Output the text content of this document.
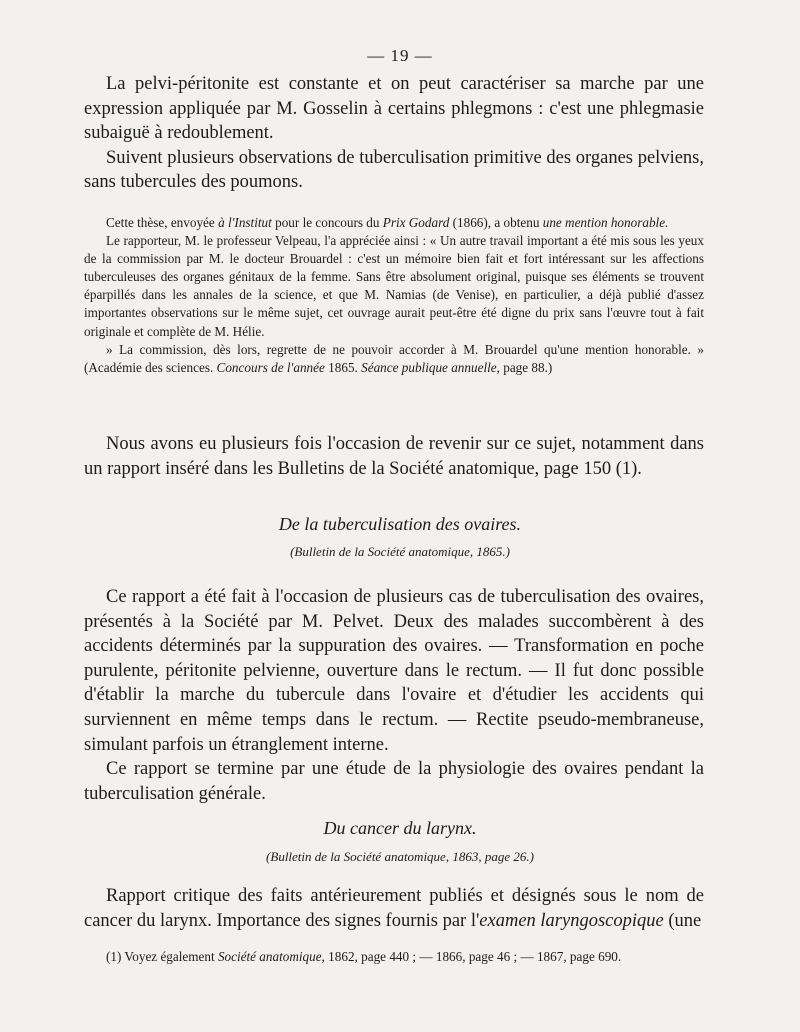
— 19 —

La pelvi-péritonite est constante et on peut caractériser sa marche par une expression appliquée par M. Gosselin à certains phlegmons : c'est une phlegmasie subaiguë à redoublement.

Suivent plusieurs observations de tuberculisation primitive des organes pelviens, sans tubercules des poumons.

Cette thèse, envoyée à l'Institut pour le concours du Prix Godard (1866), a obtenu une mention honorable.

Le rapporteur, M. le professeur Velpeau, l'a appréciée ainsi : « Un autre travail important a été mis sous les yeux de la commission par M. le docteur Brouardel : c'est un mémoire bien fait et fort intéressant sur les affections tuberculeuses des organes génitaux de la femme. Sans être absolument original, puisque ses éléments se trouvent éparpillés dans les annales de la science, et que M. Namias (de Venise), en particulier, a déjà publié d'assez importantes observations sur le même sujet, cet ouvrage aurait peut-être été digne du prix sans l'œuvre tout à fait originale et complète de M. Hélie.

» La commission, dès lors, regrette de ne pouvoir accorder à M. Brouardel qu'une mention honorable. » (Académie des sciences. Concours de l'année 1865. Séance publique annuelle, page 88.)

Nous avons eu plusieurs fois l'occasion de revenir sur ce sujet, notamment dans un rapport inséré dans les Bulletins de la Société anatomique, page 150 (1).

De la tuberculisation des ovaires.
(Bulletin de la Société anatomique, 1865.)

Ce rapport a été fait à l'occasion de plusieurs cas de tuberculisation des ovaires, présentés à la Société par M. Pelvet. Deux des malades succombèrent à des accidents déterminés par la suppuration des ovaires. — Transformation en poche purulente, péritonite pelvienne, ouverture dans le rectum. — Il fut donc possible d'établir la marche du tubercule dans l'ovaire et d'étudier les accidents qui surviennent en même temps dans le rectum. — Rectite pseudo-membraneuse, simulant parfois un étranglement interne.

Ce rapport se termine par une étude de la physiologie des ovaires pendant la tuberculisation générale.

Du cancer du larynx.
(Bulletin de la Société anatomique, 1863, page 26.)

Rapport critique des faits antérieurement publiés et désignés sous le nom de cancer du larynx. Importance des signes fournis par l'examen laryngoscopique (une

(1) Voyez également Société anatomique, 1862, page 440 ; — 1866, page 46 ; — 1867, page 690.
